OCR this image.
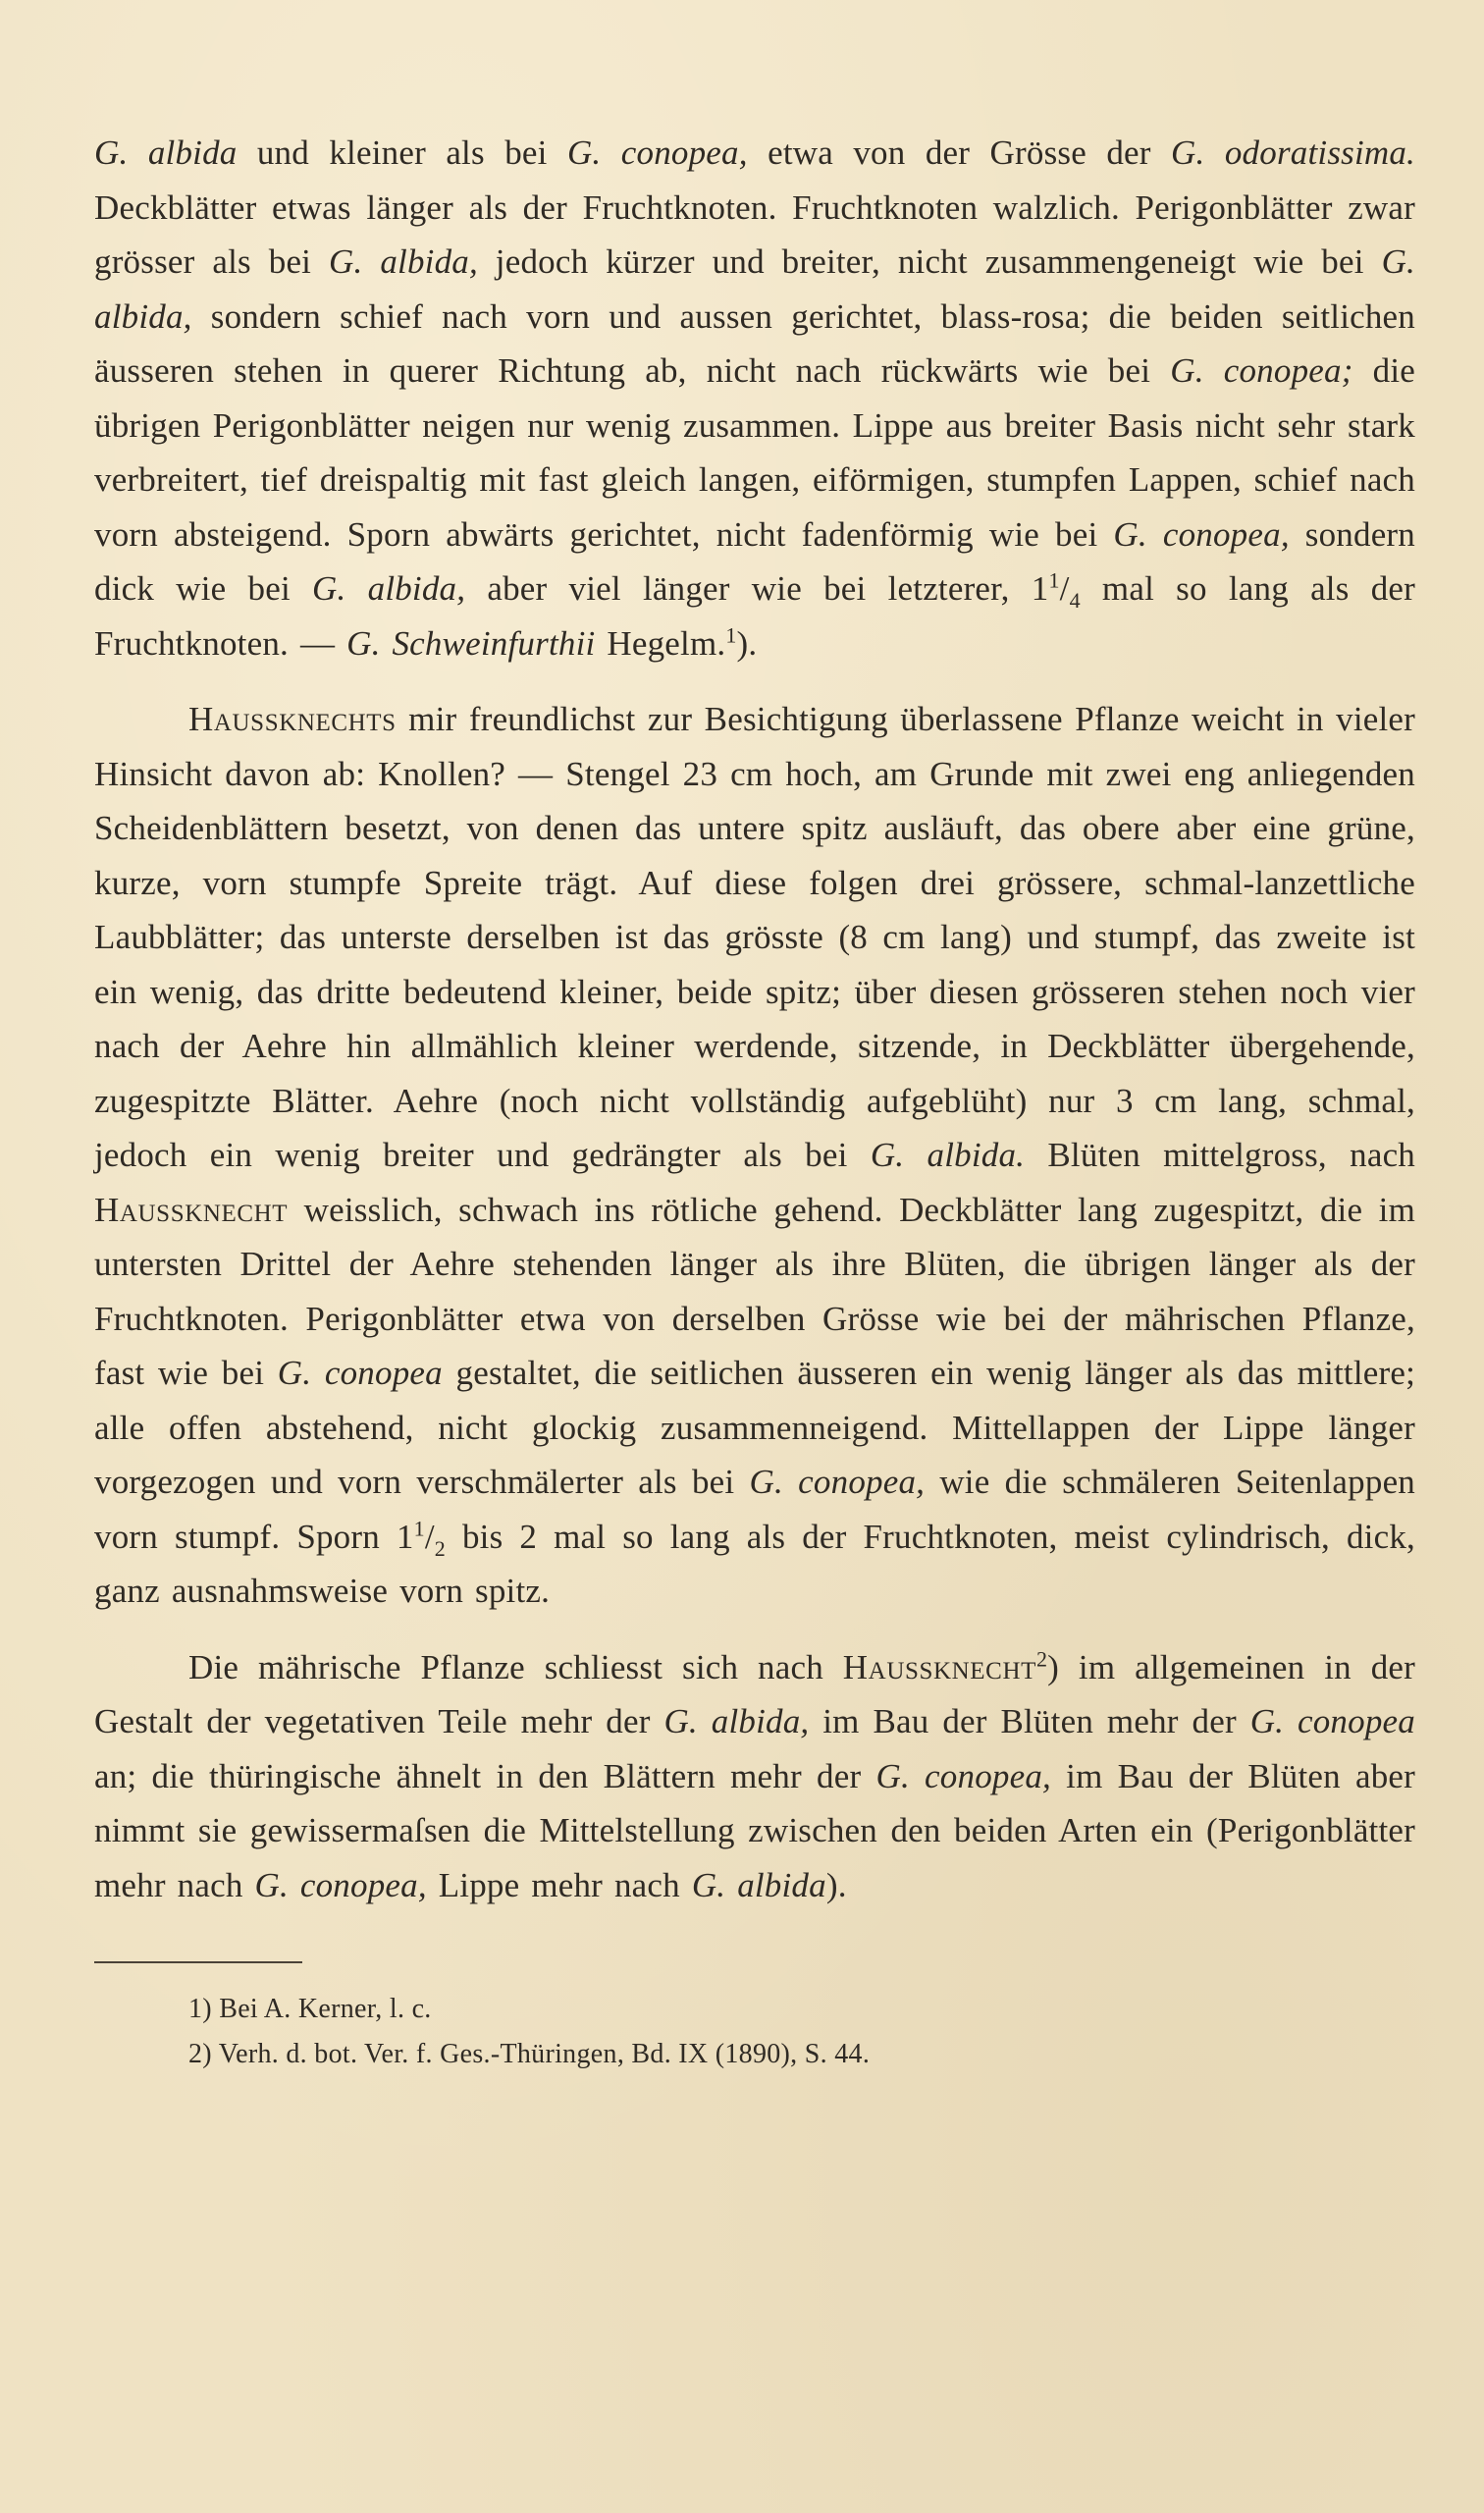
G. albida und kleiner als bei G. conopea, etwa von der Grösse der G. odoratissima. Deckblätter etwas länger als der Fruchtknoten. Fruchtknoten walzlich. Perigonblätter zwar grösser als bei G. albida, jedoch kürzer und breiter, nicht zusammengeneigt wie bei G. albida, sondern schief nach vorn und aussen gerichtet, blass-rosa; die beiden seitlichen äusseren stehen in querer Richtung ab, nicht nach rückwärts wie bei G. conopea; die übrigen Perigonblätter neigen nur wenig zusammen. Lippe aus breiter Basis nicht sehr stark verbreitert, tief dreispaltig mit fast gleich langen, eiförmigen, stumpfen Lappen, schief nach vorn absteigend. Sporn abwärts gerichtet, nicht fadenförmig wie bei G. conopea, sondern dick wie bei G. albida, aber viel länger wie bei letzterer, $1^1/_4$ mal so lang als der Fruchtknoten. — G. Schweinfurthii Hegelm.$^1$).

Haussknechts mir freundlichst zur Besichtigung überlassene Pflanze weicht in vieler Hinsicht davon ab: Knollen? — Stengel 23 cm hoch, am Grunde mit zwei eng anliegenden Scheidenblättern besetzt, von denen das untere spitz ausläuft, das obere aber eine grüne, kurze, vorn stumpfe Spreite trägt. Auf diese folgen drei grössere, schmal-lanzettliche Laubblätter; das unterste derselben ist das grösste (8 cm lang) und stumpf, das zweite ist ein wenig, das dritte bedeutend kleiner, beide spitz; über diesen grösseren stehen noch vier nach der Aehre hin allmählich kleiner werdende, sitzende, in Deckblätter übergehende, zugespitzte Blätter. Aehre (noch nicht vollständig aufgeblüht) nur 3 cm lang, schmal, jedoch ein wenig breiter und gedrängter als bei G. albida. Blüten mittelgross, nach Haussknecht weisslich, schwach ins rötliche gehend. Deckblätter lang zugespitzt, die im untersten Drittel der Aehre stehenden länger als ihre Blüten, die übrigen länger als der Fruchtknoten. Perigonblätter etwa von derselben Grösse wie bei der mährischen Pflanze, fast wie bei G. conopea gestaltet, die seitlichen äusseren ein wenig länger als das mittlere; alle offen abstehend, nicht glockig zusammenneigend. Mittellappen der Lippe länger vorgezogen und vorn verschmälerter als bei G. conopea, wie die schmäleren Seitenlappen vorn stumpf. Sporn $1^1/_2$ bis 2 mal so lang als der Fruchtknoten, meist cylindrisch, dick, ganz ausnahmsweise vorn spitz.

Die mährische Pflanze schliesst sich nach Haussknecht$^2$) im allgemeinen in der Gestalt der vegetativen Teile mehr der G. albida, im Bau der Blüten mehr der G. conopea an; die thüringische ähnelt in den Blättern mehr der G. conopea, im Bau der Blüten aber nimmt sie gewissermaſsen die Mittelstellung zwischen den beiden Arten ein (Perigonblätter mehr nach G. conopea, Lippe mehr nach G. albida).

1) Bei A. Kerner, l. c.

2) Verh. d. bot. Ver. f. Ges.-Thüringen, Bd. IX (1890), S. 44.
